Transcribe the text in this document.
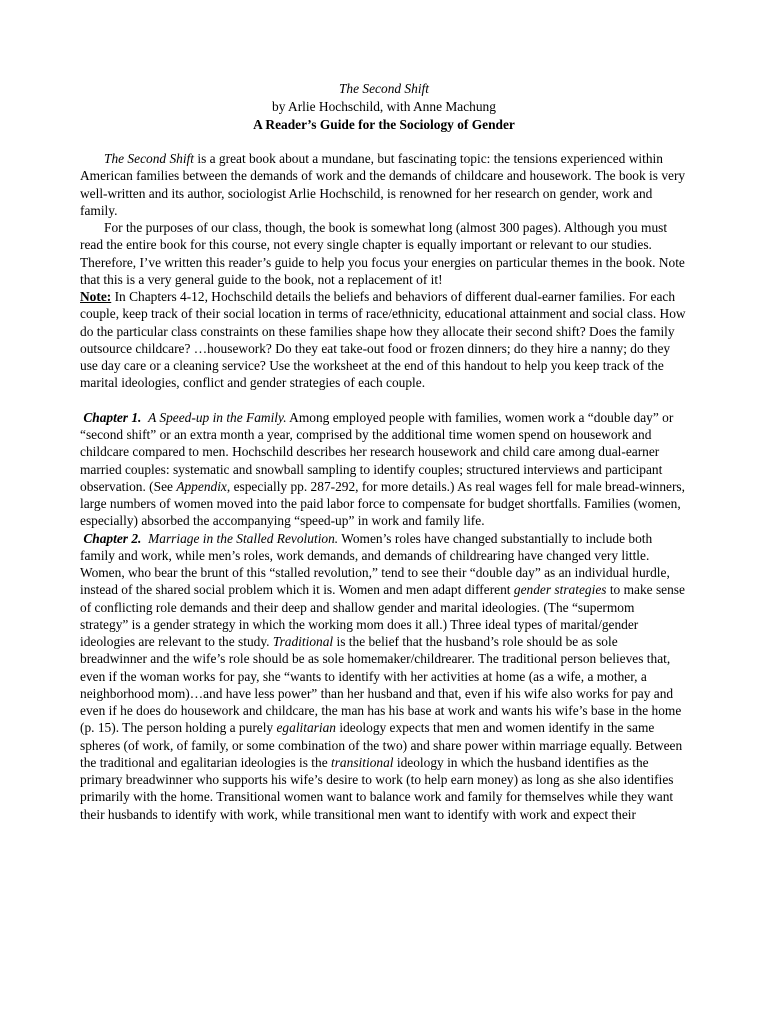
The Second Shift
by Arlie Hochschild, with Anne Machung
A Reader’s Guide for the Sociology of Gender

The Second Shift is a great book about a mundane, but fascinating topic: the tensions experienced within American families between the demands of work and the demands of childcare and housework. The book is very well-written and its author, sociologist Arlie Hochschild, is renowned for her research on gender, work and family.

For the purposes of our class, though, the book is somewhat long (almost 300 pages). Although you must read the entire book for this course, not every single chapter is equally important or relevant to our studies. Therefore, I’ve written this reader’s guide to help you focus your energies on particular themes in the book. Note that this is a very general guide to the book, not a replacement of it!

Note: In Chapters 4-12, Hochschild details the beliefs and behaviors of different dual-earner families. For each couple, keep track of their social location in terms of race/ethnicity, educational attainment and social class. How do the particular class constraints on these families shape how they allocate their second shift? Does the family outsource childcare? …housework? Do they eat take-out food or frozen dinners; do they hire a nanny; do they use day care or a cleaning service? Use the worksheet at the end of this handout to help you keep track of the marital ideologies, conflict and gender strategies of each couple.

Chapter 1. A Speed-up in the Family. Among employed people with families, women work a “double day” or “second shift” or an extra month a year, comprised by the additional time women spend on housework and childcare compared to men. Hochschild describes her research housework and child care among dual-earner married couples: systematic and snowball sampling to identify couples; structured interviews and participant observation. (See Appendix, especially pp. 287-292, for more details.) As real wages fell for male bread-winners, large numbers of women moved into the paid labor force to compensate for budget shortfalls. Families (women, especially) absorbed the accompanying “speed-up” in work and family life.

Chapter 2. Marriage in the Stalled Revolution. Women’s roles have changed substantially to include both family and work, while men’s roles, work demands, and demands of childrearing have changed very little. Women, who bear the brunt of this “stalled revolution,” tend to see their “double day” as an individual hurdle, instead of the shared social problem which it is. Women and men adapt different gender strategies to make sense of conflicting role demands and their deep and shallow gender and marital ideologies. (The “supermom strategy” is a gender strategy in which the working mom does it all.) Three ideal types of marital/gender ideologies are relevant to the study. Traditional is the belief that the husband’s role should be as sole breadwinner and the wife’s role should be as sole homemaker/childrearer. The traditional person believes that, even if the woman works for pay, she “wants to identify with her activities at home (as a wife, a mother, a neighborhood mom)…and have less power” than her husband and that, even if his wife also works for pay and even if he does do housework and childcare, the man has his base at work and wants his wife’s base in the home (p. 15). The person holding a purely egalitarian ideology expects that men and women identify in the same spheres (of work, of family, or some combination of the two) and share power within marriage equally. Between the traditional and egalitarian ideologies is the transitional ideology in which the husband identifies as the primary breadwinner who supports his wife’s desire to work (to help earn money) as long as she also identifies primarily with the home. Transitional women want to balance work and family for themselves while they want their husbands to identify with work, while transitional men want to identify with work and expect their
